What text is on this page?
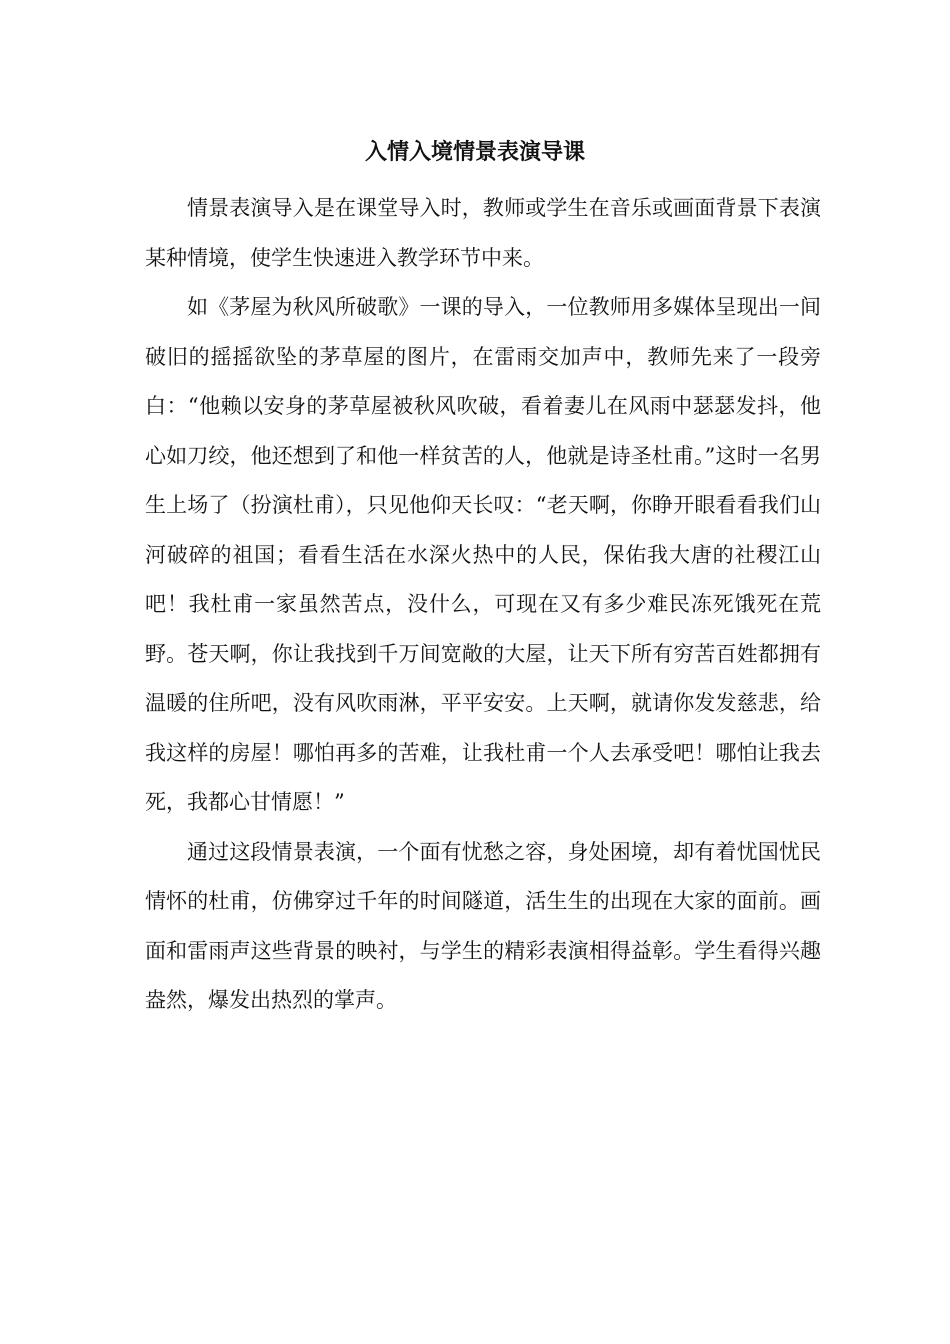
入情入境情景表演导课

情景表演导入是在课堂导入时，教师或学生在音乐或画面背景下表演某种情境，使学生快速进入教学环节中来。

如《茅屋为秋风所破歌》一课的导入，一位教师用多媒体呈现出一间破旧的摇摇欲坠的茅草屋的图片，在雷雨交加声中，教师先来了一段旁白：“他赖以安身的茅草屋被秋风吹破，看着妻儿在风雨中瑟瑟发抖，他心如刀绞，他还想到了和他一样贫苦的人，他就是诗圣杜甫。”这时一名男生上场了（扮演杜甫），只见他仰天长叹：“老天啊，你睁开眼看看我们山河破碎的祖国；看看生活在水深火热中的人民，保佑我大唐的社稷江山吧！我杜甫一家虽然苦点，没什么，可现在又有多少难民冻死饿死在荒野。苍天啊，你让我找到千万间宽敞的大屋，让天下所有穷苦百姓都拥有温暖的住所吧，没有风吹雨淋，平平安安。上天啊，就请你发发慈悲，给我这样的房屋！哪怕再多的苦难，让我杜甫一个人去承受吧！哪怕让我去死，我都心甘情愿！”

通过这段情景表演，一个面有忧愁之容，身处困境，却有着忧国忧民情怀的杜甫，仿佛穿过千年的时间隧道，活生生的出现在大家的面前。画面和雷雨声这些背景的映衬，与学生的精彩表演相得益彰。学生看得兴趣盎然，爆发出热烈的掌声。
